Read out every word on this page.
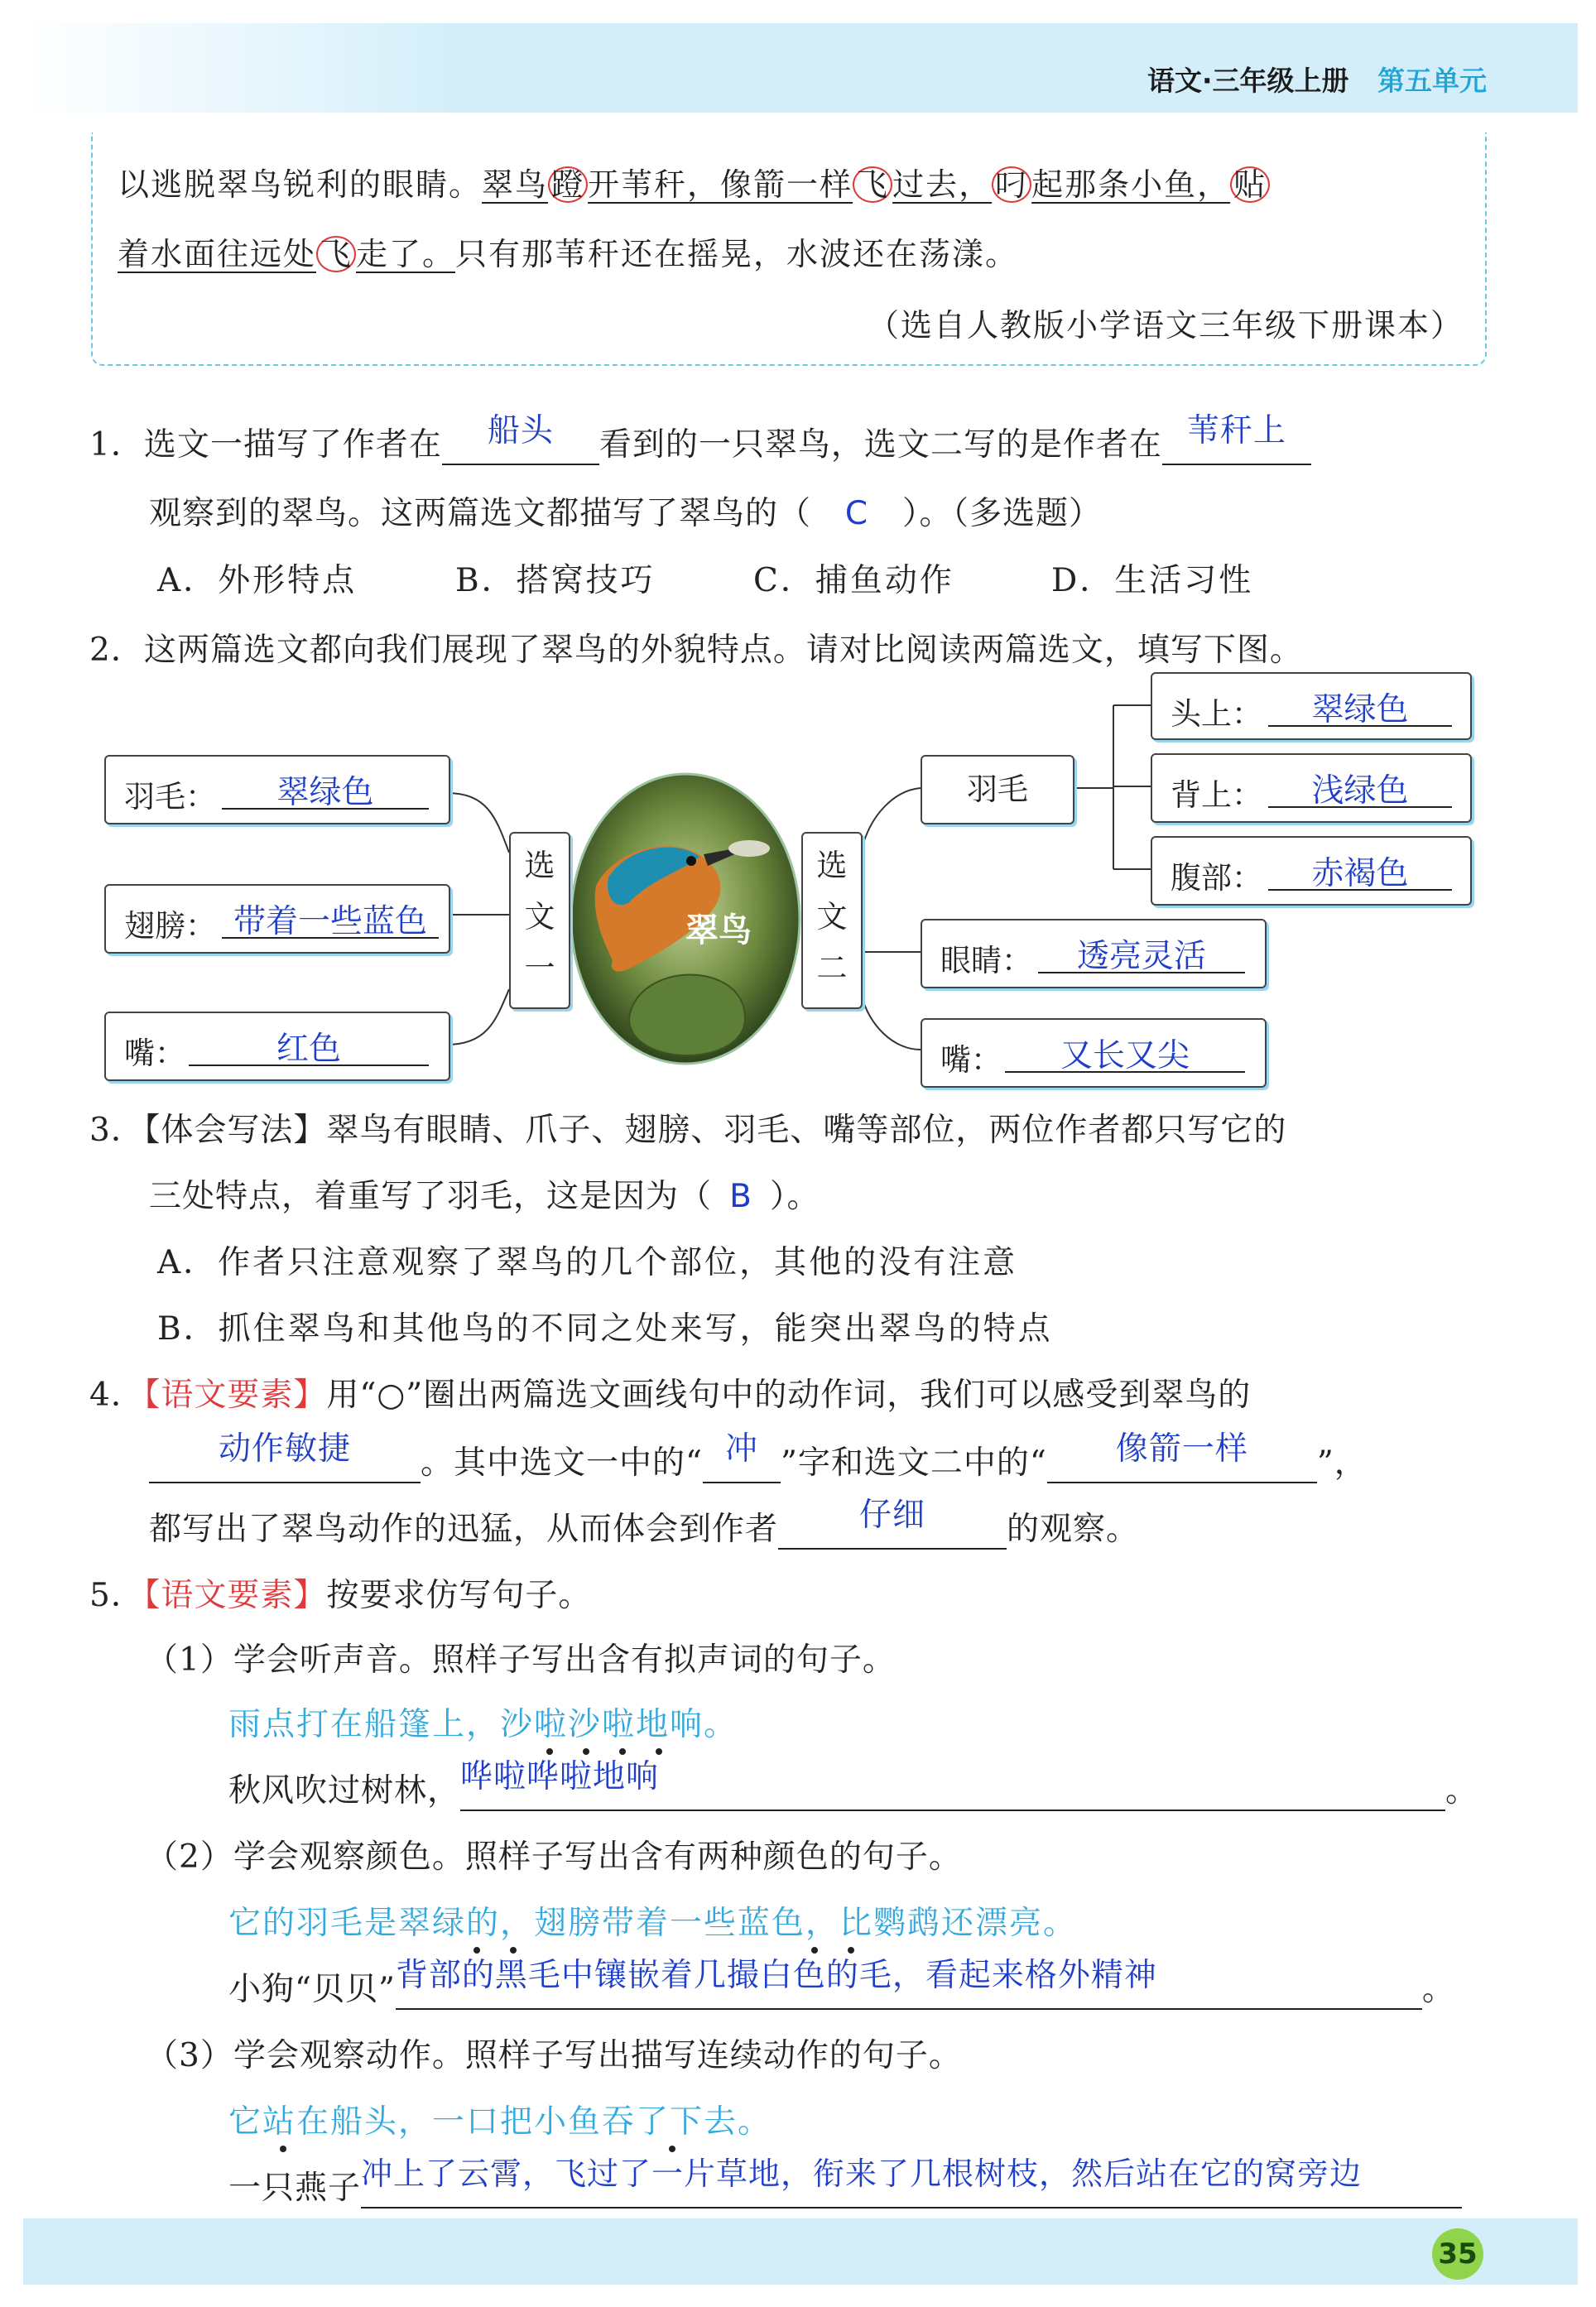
语文·三年级上册 第五单元
以逃脱翠鸟锐利的眼睛。翠鸟 蹬 开苇秆，像箭一样 飞 过去， 叼 起那条小鱼， 贴
着水面往远处 飞 走了。只有那苇秆还在摇晃，水波还在荡漾。
（选自人教版小学语文三年级下册课本）
1．选文一描写了作者在	船头	看到的一只翠鸟，选文二写的是作者在 苇秆上

观察到的翠鸟。这两篇选文都描写了翠鸟的（ C ）。（多选题）
A．外形特点	B．搭窝技巧	C．捕鱼动作	D．生活习性
2．这两篇选文都向我们展现了翠鸟的外貌特点。请对比阅读两篇选文，填写下图。
翠鸟
选
文
一
选
文
二
羽毛：	翠绿色
翅膀： 带着一些蓝色
嘴：	红色
羽毛
头上：	翠绿色
背上：	浅绿色
腹部：	赤褐色
眼睛：	透亮灵活
嘴：	又长又尖
3．【体会写法】翠鸟有眼睛、爪子、翅膀、羽毛、嘴等部位，两位作者都只写它的
三处特点，着重写了羽毛，这是因为（ B ）。
A．作者只注意观察了翠鸟的几个部位，其他的没有注意
B．抓住翠鸟和其他鸟的不同之处来写，能突出翠鸟的特点
4．【语文要素】用“○”圈出两篇选文画线句中的动作词，我们可以感受到翠鸟的
动作敏捷	。其中选文一中的“ 冲 ”字和选文二中的“	像箭一样	”，
都写出了翠鸟动作的迅猛，从而体会到作者	仔细	的观察。
5．【语文要素】按要求仿写句子。
（1）学会听声音。照样子写出含有拟声词的句子。
雨点打在船篷上，沙啦沙啦地响。
秋风吹过树林， 哗啦哗啦地响	。
（2）学会观察颜色。照样子写出含有两种颜色的句子。
它的羽毛是翠绿的，翅膀带着一些蓝色，比鹦鹉还漂亮。
小狗“贝贝” 背部的黑毛中镶嵌着几撮白色的毛，看起来格外精神	。
（3）学会观察动作。照样子写出描写连续动作的句子。
它站在船头，一口把小鱼吞了下去。
一只燕子 冲上了云霄，飞过了一片草地，衔来了几根树枝，然后站在它的窝旁边

35
